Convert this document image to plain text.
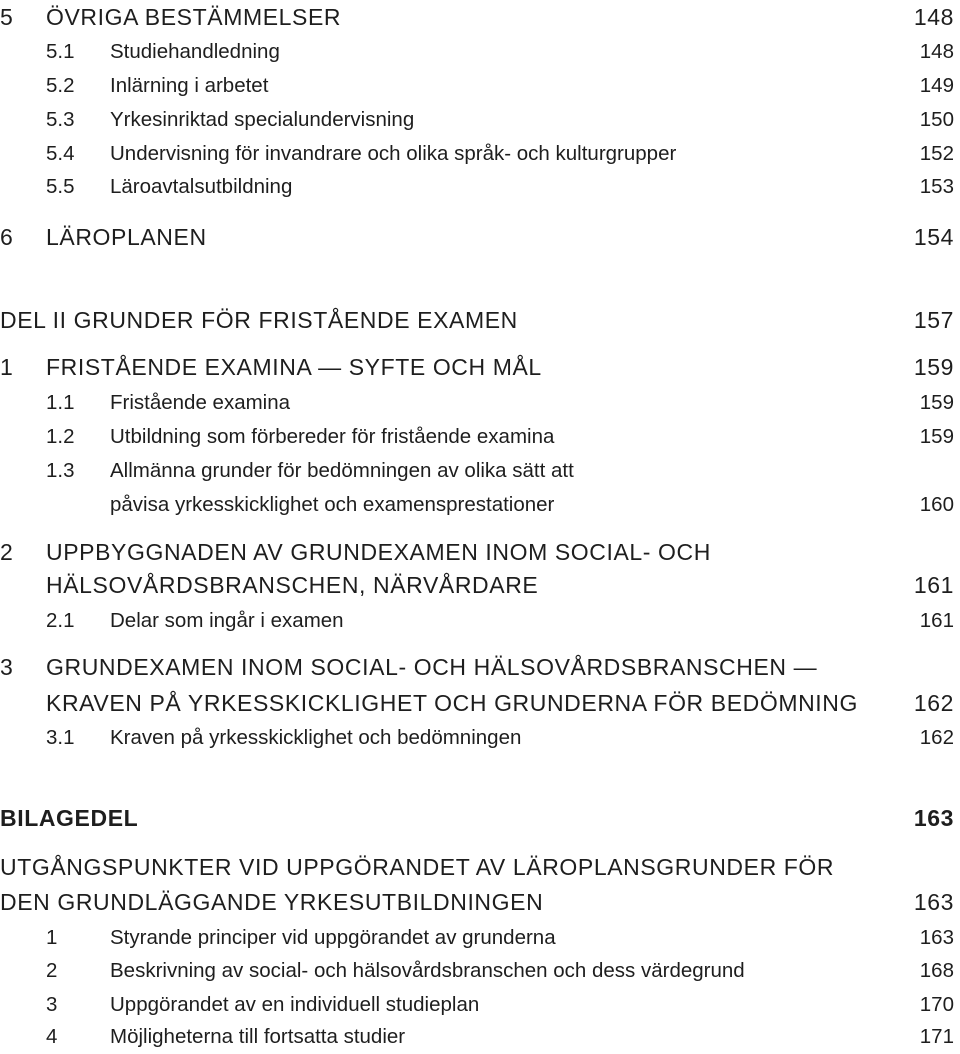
5 ÖVRIGA BESTÄMMELSER	148
5.1 Studiehandledning	148
5.2 Inlärning i arbetet	149
5.3 Yrkesinriktad specialundervisning	150
5.4 Undervisning för invandrare och olika språk- och kulturgrupper	152
5.5 Läroavtalsutbildning	153
6 LÄROPLANEN	154
DEL II GRUNDER FÖR FRISTÅENDE EXAMEN	157
1 FRISTÅENDE EXAMINA — SYFTE OCH MÅL	159
1.1 Fristående examina	159
1.2 Utbildning som förbereder för fristående examina	159
1.3 Allmänna grunder för bedömningen av olika sätt att
påvisa yrkesskicklighet och examensprestationer	160
2 UPPBYGGNADEN AV GRUNDEXAMEN INOM SOCIAL- OCH
HÄLSOVÅRDSBRANSCHEN, NÄRVÅRDARE	161
2.1 Delar som ingår i examen	161
3 GRUNDEXAMEN INOM SOCIAL- OCH HÄLSOVÅRDSBRANSCHEN —
KRAVEN PÅ YRKESSKICKLIGHET OCH GRUNDERNA FÖR BEDÖMNING 162
3.1 Kraven på yrkesskicklighet och bedömningen	162
BILAGEDEL	163
UTGÅNGSPUNKTER VID UPPGÖRANDET AV LÄROPLANSGRUNDER FÖR
DEN GRUNDLÄGGANDE YRKESUTBILDNINGEN	163
1	Styrande principer vid uppgörandet av grunderna	163
2	Beskrivning av social- och hälsovårdsbranschen och dess värdegrund	168
3	Uppgörandet av en individuell studieplan	170
4	Möjligheterna till fortsatta studier	171
